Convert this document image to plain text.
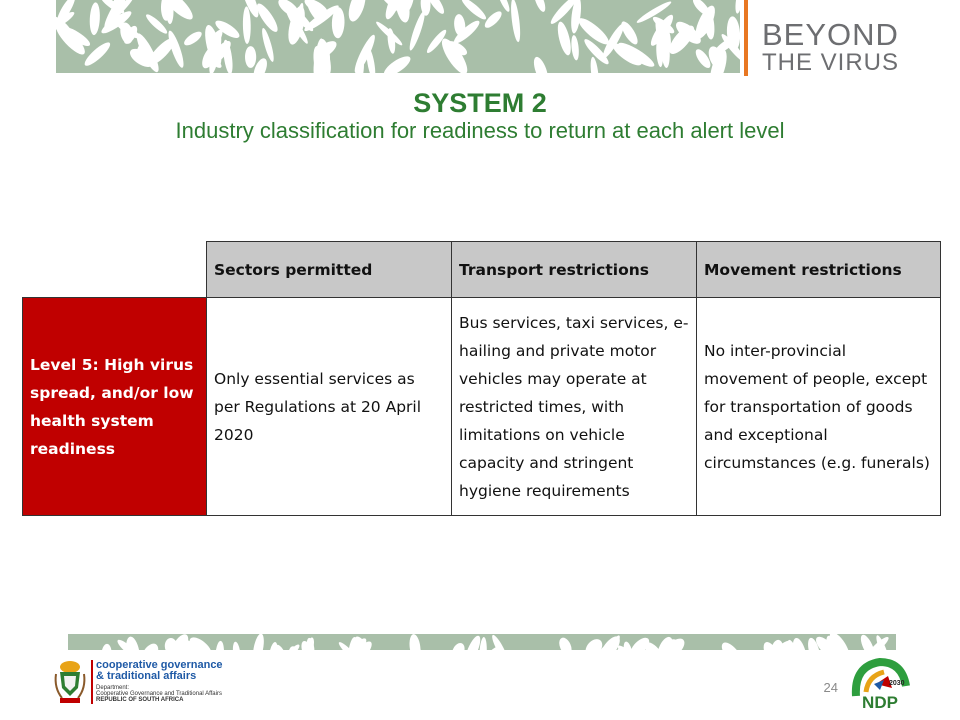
BEYOND
THE VIRUS
SYSTEM 2
Industry classification for readiness to return at each alert level
	Sectors permitted	Transport restrictions	Movement restrictions
Level 5: High virus spread, and/or low health system readiness	Only essential services as per Regulations at 20 April 2020	Bus services, taxi services, e-hailing and private motor vehicles may operate at restricted times, with limitations on vehicle capacity and stringent hygiene requirements	No inter-provincial movement of people, except for transportation of goods and exceptional circumstances (e.g. funerals)
24
cooperative governance
& traditional affairs
Department:
Cooperative Governance and Traditional Affairs
REPUBLIC OF SOUTH AFRICA
2030
NDP
